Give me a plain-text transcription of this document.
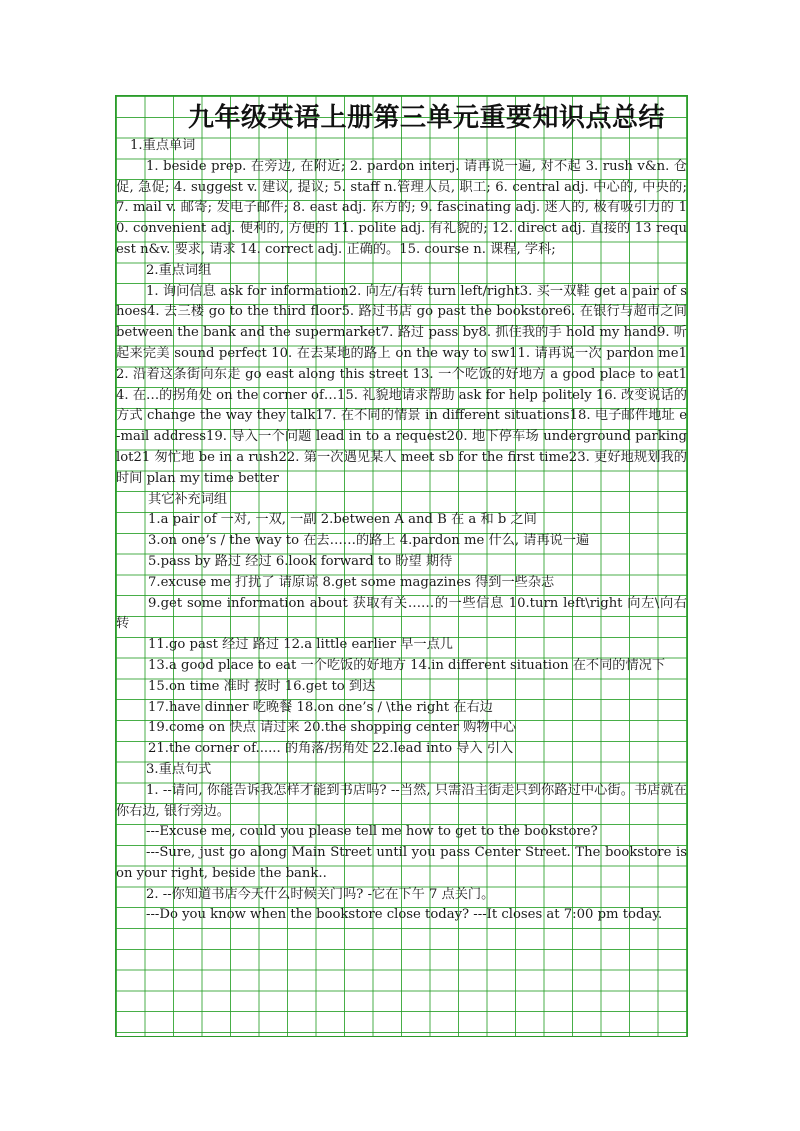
九年级英语上册第三单元重要知识点总结

1.重点单词

1. beside prep. 在旁边, 在附近; 2. pardon interj. 请再说一遍, 对不起 3. rush v&n. 仓促, 急促; 4. suggest v. 建议, 提议; 5. staff n.管理人员, 职工; 6. central adj. 中心的, 中央的; 7. mail v. 邮寄; 发电子邮件; 8. east adj. 东方的; 9. fascinating adj. 迷人的, 极有吸引力的 10. convenient adj. 便利的, 方便的 11. polite adj. 有礼貌的; 12. direct adj. 直接的 13 request n&v. 要求, 请求 14. correct adj. 正确的。15. course n. 课程, 学科;

2.重点词组

1. 询问信息 ask for information2. 向左/右转 turn left/right3. 买一双鞋 get a pair of shoes4. 去三楼 go to the third floor5. 路过书店 go past the bookstore6. 在银行与超市之间 between the bank and the supermarket7. 路过 pass by8. 抓住我的手 hold my hand9. 听起来完美 sound perfect 10. 在去某地的路上 on the way to sw11. 请再说一次 pardon me12. 沿着这条街向东走 go east along this street 13. 一个吃饭的好地方 a good place to eat14. 在…的拐角处 on the corner of…15. 礼貌地请求帮助 ask for help politely 16. 改变说话的方式 change the way they talk17. 在不同的情景 in different situations18. 电子邮件地址 e-mail address19. 导入一个问题 lead in to a request20. 地下停车场 underground parking lot21 匆忙地 be in a rush22. 第一次遇见某人 meet sb for the first time23. 更好地规划我的时间 plan my time better

其它补充词组

1.a pair of 一对, 一双, 一副 2.between A and B 在 a 和 b 之间

3.on one’s / the way to 在去……的路上 4.pardon me 什么, 请再说一遍

5.pass by 路过 经过 6.look forward to 盼望 期待

7.excuse me 打扰了 请原谅 8.get some magazines 得到一些杂志

9.get some information about 获取有关……的一些信息 10.turn left\right 向左\向右 转

11.go past 经过 路过 12.a little earlier 早一点儿

13.a good place to eat 一个吃饭的好地方 14.in different situation 在不同的情况下

15.on time 准时 按时 16.get to 到达

17.have dinner 吃晚餐 18.on one’s / \the right 在右边

19.come on 快点 请过来 20.the shopping center 购物中心

21.the corner of...... 的角落/拐角处 22.lead into 导入 引入

3.重点句式

1. --请问, 你能告诉我怎样才能到书店吗? --当然, 只需沿主街走只到你路过中心街。书店就在你右边, 银行旁边。

---Excuse me, could you please tell me how to get to the bookstore?

---Sure, just go along Main Street until you pass Center Street. The bookstore is on your right, beside the bank..

2. --你知道书店今天什么时候关门吗? -它在下午 7 点关门。

---Do you know when the bookstore close today? ---It closes at 7:00 pm today.
